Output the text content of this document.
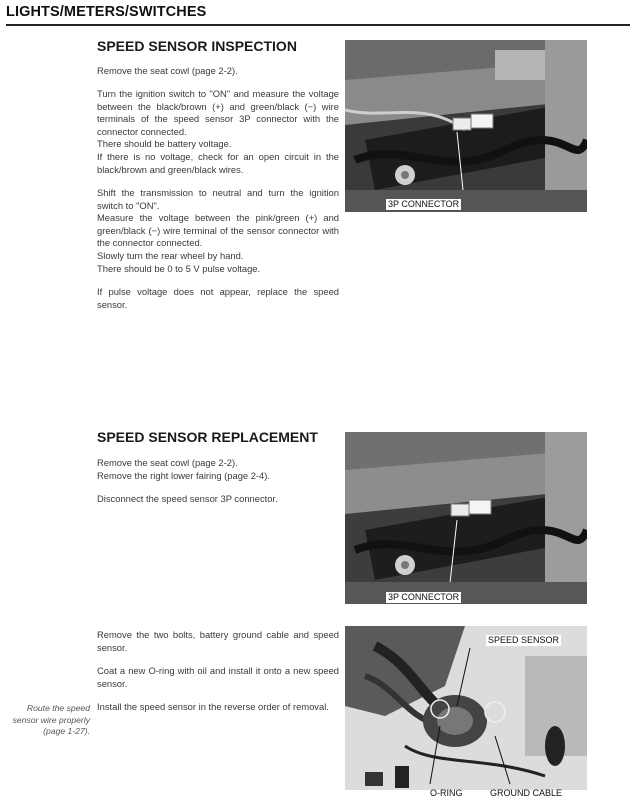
LIGHTS/METERS/SWITCHES
SPEED SENSOR INSPECTION

Remove the seat cowl (page 2-2).

Turn the ignition switch to "ON" and measure the voltage between the black/brown (+) and green/black (−) wire terminals of the speed sensor 3P connector with the connector connected.
There should be battery voltage.
If there is no voltage, check for an open circuit in the black/brown and green/black wires.
Shift the transmission to neutral and turn the ignition switch to "ON".
Measure the voltage between the pink/green (+) and green/black (−) wire terminal of the sensor connector with the connector connected.
Slowly turn the rear wheel by hand.
There should be 0 to 5 V pulse voltage.

If pulse voltage does not appear, replace the speed sensor.

3P CONNECTOR
SPEED SENSOR REPLACEMENT
Remove the seat cowl (page 2-2).
Remove the right lower fairing (page 2-4).

Disconnect the speed sensor 3P connector.

Remove the two bolts, battery ground cable and speed sensor.

Coat a new O-ring with oil and install it onto a new speed sensor.

Install the speed sensor in the reverse order of removal.

Route the speed sensor wire properly (page 1-27).
3P CONNECTOR
SPEED SENSOR
O-RING	GROUND CABLE
